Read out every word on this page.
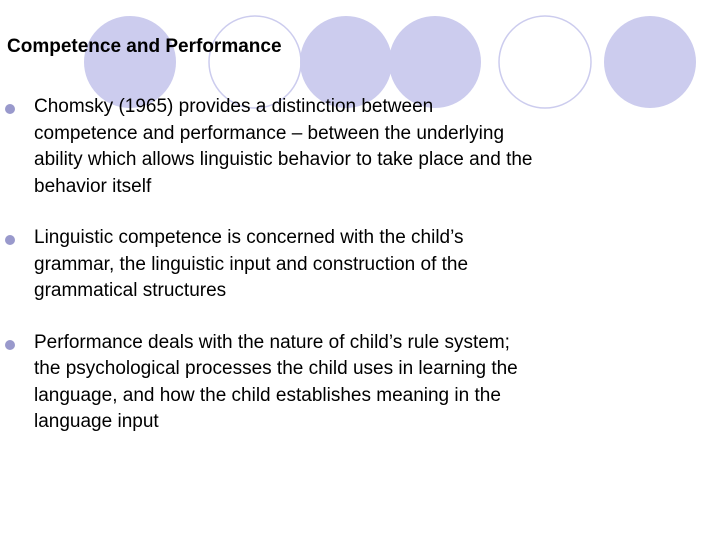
Competence and Performance
Chomsky (1965) provides a distinction between
competence and performance – between the underlying
ability which allows linguistic behavior to take place and the
behavior itself
Linguistic competence is concerned with the child’s
grammar, the linguistic input and construction of the
grammatical structures
Performance deals with the nature of child’s rule system;
the psychological processes the child uses in learning the
language, and how the child establishes meaning in the
language input
